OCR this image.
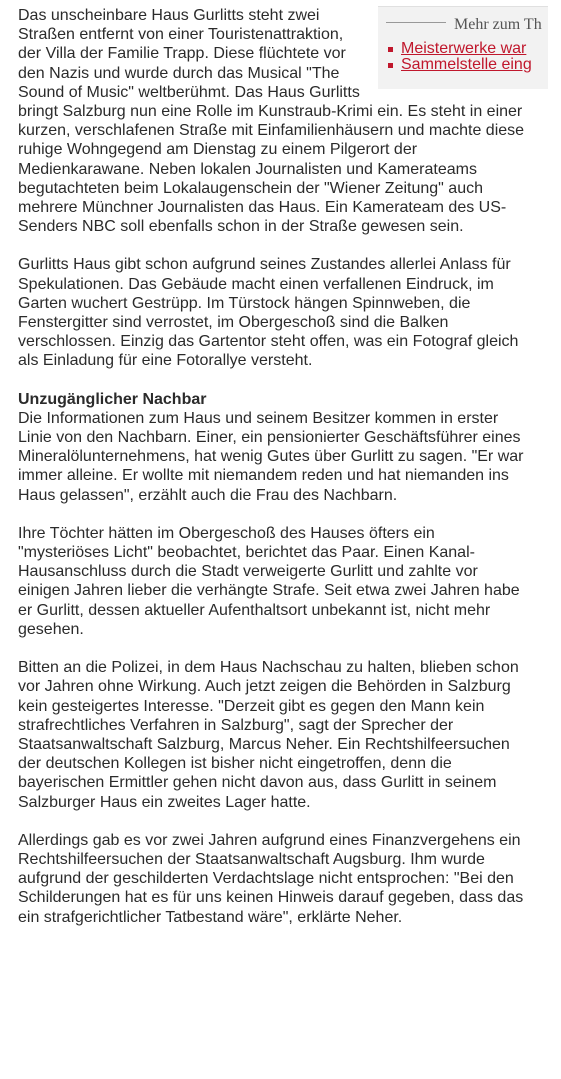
Mehr zum Th
Meisterwerke war
Sammelstelle eing

Das unscheinbare Haus Gurlitts steht zwei Straßen entfernt von einer Touristenattraktion, der Villa der Familie Trapp. Diese flüchtete vor den Nazis und wurde durch das Musical "The Sound of Music" weltberühmt. Das Haus Gurlitts bringt Salzburg nun eine Rolle im Kunstraub-Krimi ein. Es steht in einer kurzen, verschlafenen Straße mit Einfamilienhäusern und machte diese ruhige Wohngegend am Dienstag zu einem Pilgerort der Medienkarawane. Neben lokalen Journalisten und Kamerateams begutachteten beim Lokalaugenschein der "Wiener Zeitung" auch mehrere Münchner Journalisten das Haus. Ein Kamerateam des US-Senders NBC soll ebenfalls schon in der Straße gewesen sein.

Gurlitts Haus gibt schon aufgrund seines Zustandes allerlei Anlass für Spekulationen. Das Gebäude macht einen verfallenen Eindruck, im Garten wuchert Gestrüpp. Im Türstock hängen Spinnweben, die Fenstergitter sind verrostet, im Obergeschoß sind die Balken verschlossen. Einzig das Gartentor steht offen, was ein Fotograf gleich als Einladung für eine Fotorallye versteht.

Unzugänglicher Nachbar
Die Informationen zum Haus und seinem Besitzer kommen in erster Linie von den Nachbarn. Einer, ein pensionierter Geschäftsführer eines Mineralölunternehmens, hat wenig Gutes über Gurlitt zu sagen. "Er war immer alleine. Er wollte mit niemandem reden und hat niemanden ins Haus gelassen", erzählt auch die Frau des Nachbarn.

Ihre Töchter hätten im Obergeschoß des Hauses öfters ein "mysteriöses Licht" beobachtet, berichtet das Paar. Einen Kanal-Hausanschluss durch die Stadt verweigerte Gurlitt und zahlte vor einigen Jahren lieber die verhängte Strafe. Seit etwa zwei Jahren habe er Gurlitt, dessen aktueller Aufenthaltsort unbekannt ist, nicht mehr gesehen.

Bitten an die Polizei, in dem Haus Nachschau zu halten, blieben schon vor Jahren ohne Wirkung. Auch jetzt zeigen die Behörden in Salzburg kein gesteigertes Interesse. "Derzeit gibt es gegen den Mann kein strafrechtliches Verfahren in Salzburg", sagt der Sprecher der Staatsanwaltschaft Salzburg, Marcus Neher. Ein Rechtshilfeersuchen der deutschen Kollegen ist bisher nicht eingetroffen, denn die bayerischen Ermittler gehen nicht davon aus, dass Gurlitt in seinem Salzburger Haus ein zweites Lager hatte.

Allerdings gab es vor zwei Jahren aufgrund eines Finanzvergehens ein Rechtshilfeersuchen der Staatsanwaltschaft Augsburg. Ihm wurde aufgrund der geschilderten Verdachtslage nicht entsprochen: "Bei den Schilderungen hat es für uns keinen Hinweis darauf gegeben, dass das ein strafgerichtlicher Tatbestand wäre", erklärte Neher.
